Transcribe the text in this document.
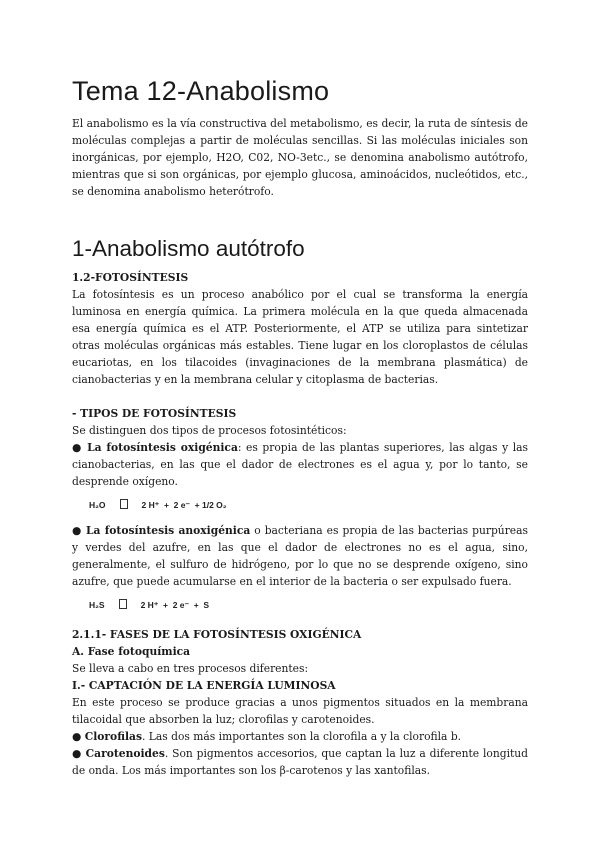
Tema 12-Anabolismo

El anabolismo es la vía constructiva del metabolismo, es decir, la ruta de síntesis de moléculas complejas a partir de moléculas sencillas. Si las moléculas iniciales son inorgánicas, por ejemplo, H2O, C02, NO-3etc., se denomina anabolismo autótrofo, mientras que si son orgánicas, por ejemplo glucosa, aminoácidos, nucleótidos, etc., se denomina anabolismo heterótrofo.

1-Anabolismo autótrofo
1.2-FOTOSÍNTESIS

La fotosíntesis es un proceso anabólico por el cual se transforma la energía luminosa en energía química. La primera molécula en la que queda almacenada esa energía química es el ATP. Posteriormente, el ATP se utiliza para sintetizar otras moléculas orgánicas más estables. Tiene lugar en los cloroplastos de células eucariotas, en los tilacoides (invaginaciones de la membrana plasmática) de cianobacterias y en la membrana celular y citoplasma de bacterias.

- TIPOS DE FOTOSÍNTESIS

Se distinguen dos tipos de procesos fotosintéticos:

● La fotosíntesis oxigénica: es propia de las plantas superiores, las algas y las cianobacterias, en las que el dador de electrones es el agua y, por lo tanto, se desprende oxígeno.

H₂O	2 H⁺  +  2 e⁻  + 1/2 O₂

● La fotosíntesis anoxigénica o bacteriana es propia de las bacterias purpúreas y verdes del azufre, en las que el dador de electrones no es el agua, sino, generalmente, el sulfuro de hidrógeno, por lo que no se desprende oxígeno, sino azufre, que puede acumularse en el interior de la bacteria o ser expulsado fuera.

H₂S	2 H⁺  +  2 e⁻  +  S
2.1.1- FASES DE LA FOTOSÍNTESIS OXIGÉNICA
A. Fase fotoquímica

Se lleva a cabo en tres procesos diferentes:

I.- CAPTACIÓN DE LA ENERGÍA LUMINOSA

En este proceso se produce gracias a unos pigmentos situados en la membrana tilacoidal que absorben la luz; clorofilas y carotenoides.

● Clorofilas. Las dos más importantes son la clorofila a y la clorofila b.

● Carotenoides. Son pigmentos accesorios, que captan la luz a diferente longitud de onda. Los más importantes son los β-carotenos y las xantofilas.
